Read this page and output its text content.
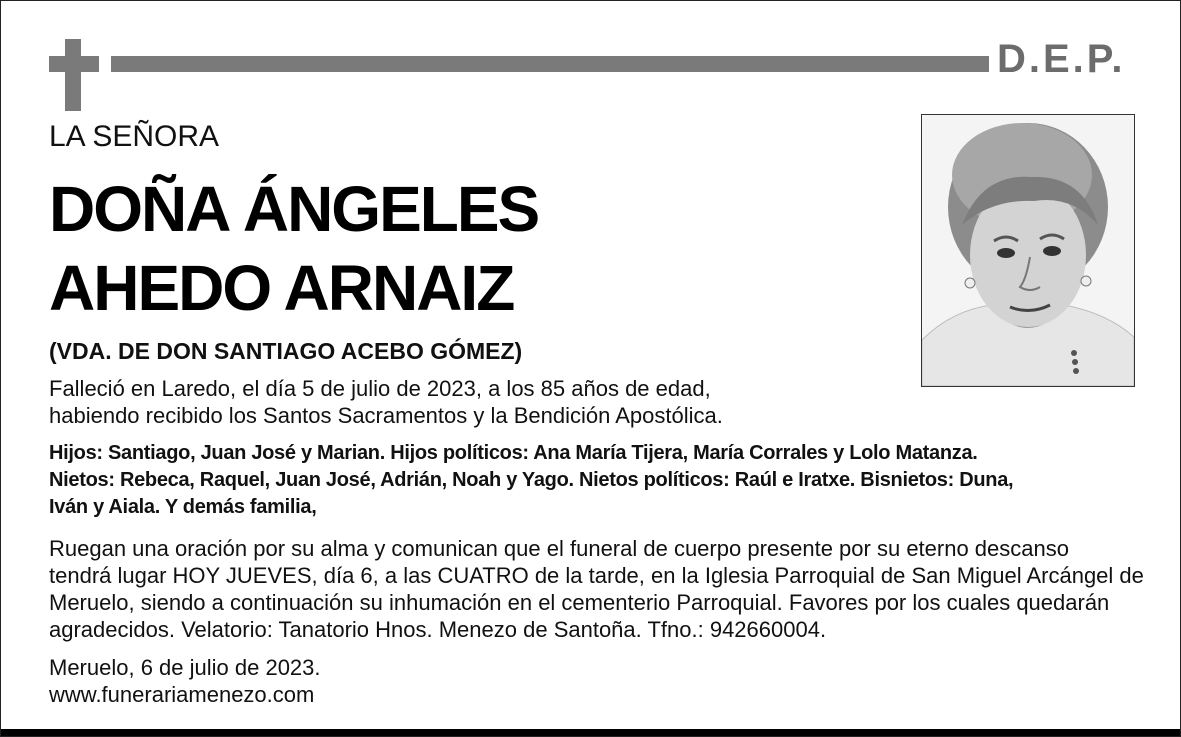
D.E.P.
LA SEÑORA
DOÑA ÁNGELES
AHEDO ARNAIZ
(VDA. DE DON SANTIAGO ACEBO GÓMEZ)
Falleció en Laredo, el día 5 de julio de 2023, a los 85 años de edad,
habiendo recibido los Santos Sacramentos y la Bendición Apostólica.
Hijos: Santiago, Juan José y Marian. Hijos políticos: Ana María Tijera, María Corrales y Lolo Matanza.
Nietos: Rebeca, Raquel, Juan José, Adrián, Noah y Yago. Nietos políticos: Raúl e Iratxe. Bisnietos: Duna,
Iván y Aiala. Y demás familia,
Ruegan una oración por su alma y comunican que el funeral de cuerpo presente por su eterno descanso
tendrá lugar HOY JUEVES, día 6, a las CUATRO de la tarde, en la Iglesia Parroquial de San Miguel Arcángel de
Meruelo, siendo a continuación su inhumación en el cementerio Parroquial. Favores por los cuales quedarán
agradecidos. Velatorio: Tanatorio Hnos. Menezo de Santoña. Tfno.: 942660004.
Meruelo, 6 de julio de 2023.
www.funerariamenezo.com
